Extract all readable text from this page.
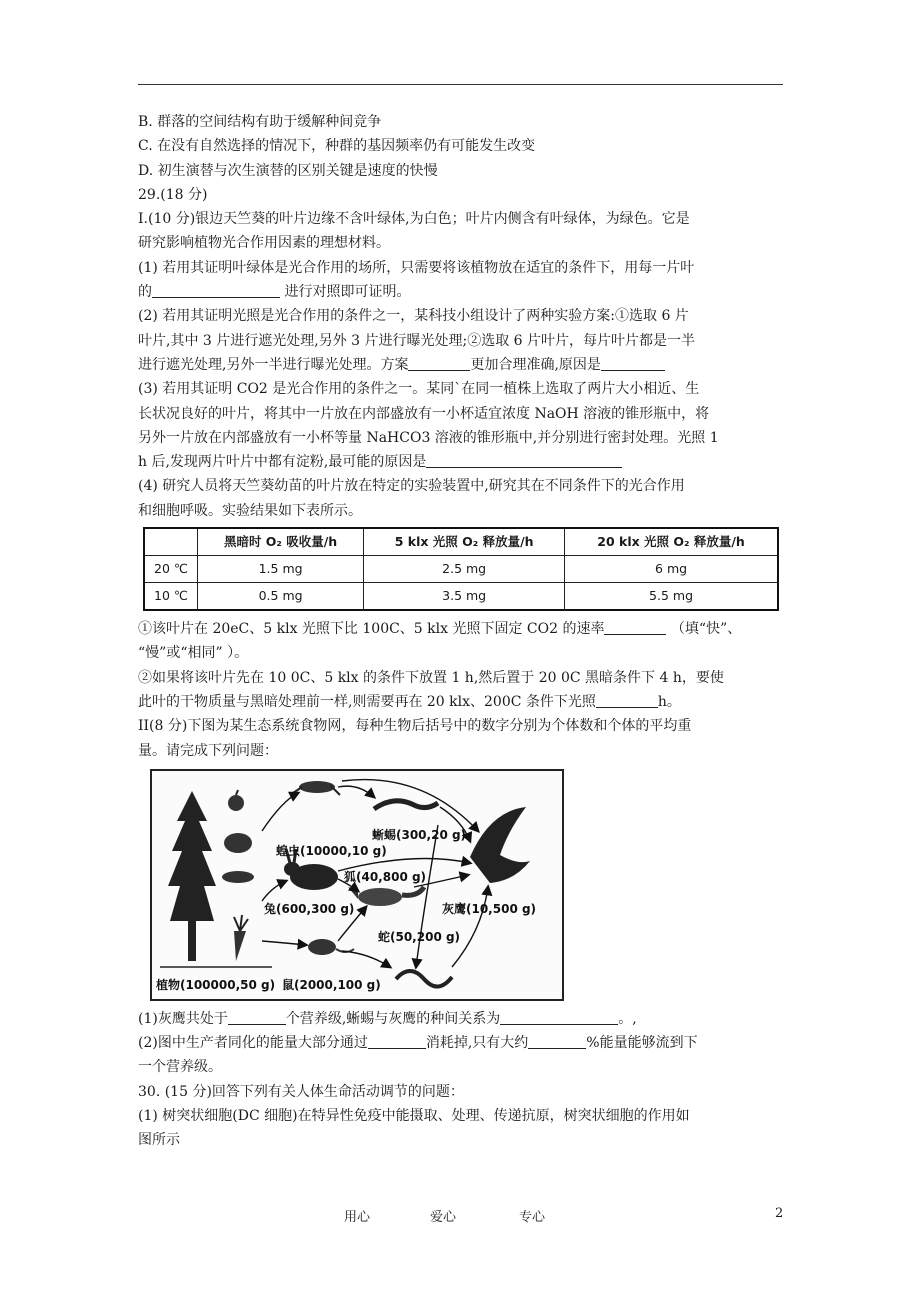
B. 群落的空间结构有助于缓解种间竞争
C. 在没有自然选择的情况下，种群的基因频率仍有可能发生改变
D. 初生演替与次生演替的区别关键是速度的快慢
29.(18 分)
I.(10 分)银边天竺葵的叶片边缘不含叶绿体,为白色；叶片内侧含有叶绿体，为绿色。它是
研究影响植物光合作用因素的理想材料。
(1) 若用其证明叶绿体是光合作用的场所，只需要将该植物放在适宜的条件下，用每一片叶
的	进行对照即可证明。
(2) 若用其证明光照是光合作用的条件之一，某科技小组设计了两种实验方案:①选取 6 片
叶片,其中 3 片进行遮光处理,另外 3 片进行曝光处理;②选取 6 片叶片，每片叶片都是一半
进行遮光处理,另外一半进行曝光处理。方案	更加合理准确,原因是
(3) 若用其证明 CO2 是光合作用的条件之一。某同`在同一植株上选取了两片大小相近、生
长状况良好的叶片，将其中一片放在内部盛放有一小杯适宜浓度 NaOH 溶液的锥形瓶中，将
另外一片放在内部盛放有一小杯等量 NaHCO3 溶液的锥形瓶中,并分别进行密封处理。光照 1
h 后,发现两片叶片中都有淀粉,最可能的原因是
(4) 研究人员将天竺葵幼苗的叶片放在特定的实验装置中,研究其在不同条件下的光合作用
和细胞呼吸。实验结果如下表所示。
	黑暗时 O₂ 吸收量/h	5 klx 光照 O₂ 释放量/h	20 klx 光照 O₂ 释放量/h
20 ℃	1.5 mg	2.5 mg	6 mg
10 ℃	0.5 mg	3.5 mg	5.5 mg
①该叶片在 20eC、5 klx 光照下比 100C、5 klx 光照下固定 CO2 的速率	（填“快”、
“慢”或“相同” ）。
②如果将该叶片先在 10 0C、5 klx 的条件下放置 1 h,然后置于 20 0C 黑暗条件下 4 h，要使
此叶的干物质量与黑暗处理前一样,则需要再在 20 klx、200C 条件下光照	h。
II(8 分)下图为某生态系统食物网，每种生物后括号中的数字分别为个体数和个体的平均重
量。请完成下列问题：
蜥蜴(300,20 g)
蝗虫(10000,10 g)
狐(40,800 g)
兔(600,300 g)	灰鹰(10,500 g)
蛇(50,200 g)
植物(100000,50 g) 鼠(2000,100 g)
(1)灰鹰共处于	个营养级,蜥蜴与灰鹰的种间关系为	。,
(2)图中生产者同化的能量大部分通过	消耗掉,只有大约	%能量能够流到下
一个营养级。
30. (15 分)回答下列有关人体生命活动调节的问题：
(1) 树突状细胞(DC 细胞)在特异性免疫中能摄取、处理、传递抗原，树突状细胞的作用如
图所示
用心	爱心	专心	2
